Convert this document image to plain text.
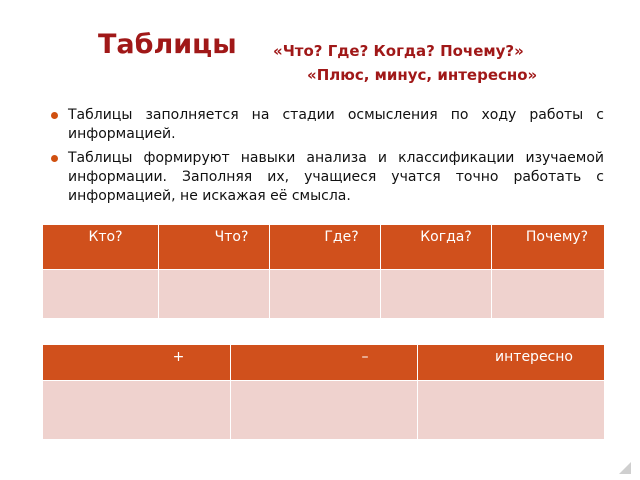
Таблицы «Что? Где? Когда? Почему?»
«Плюс, минус, интересно»
Таблицы заполняется на стадии осмысления по ходу работы с информацией.
Таблицы формируют навыки анализа и классификации изучаемой информации. Заполняя их, учащиеся учатся точно работать с информацией, не искажая её смысла.
Кто?	Что?	Где?	Когда?	Почему?

+	–	интересно
